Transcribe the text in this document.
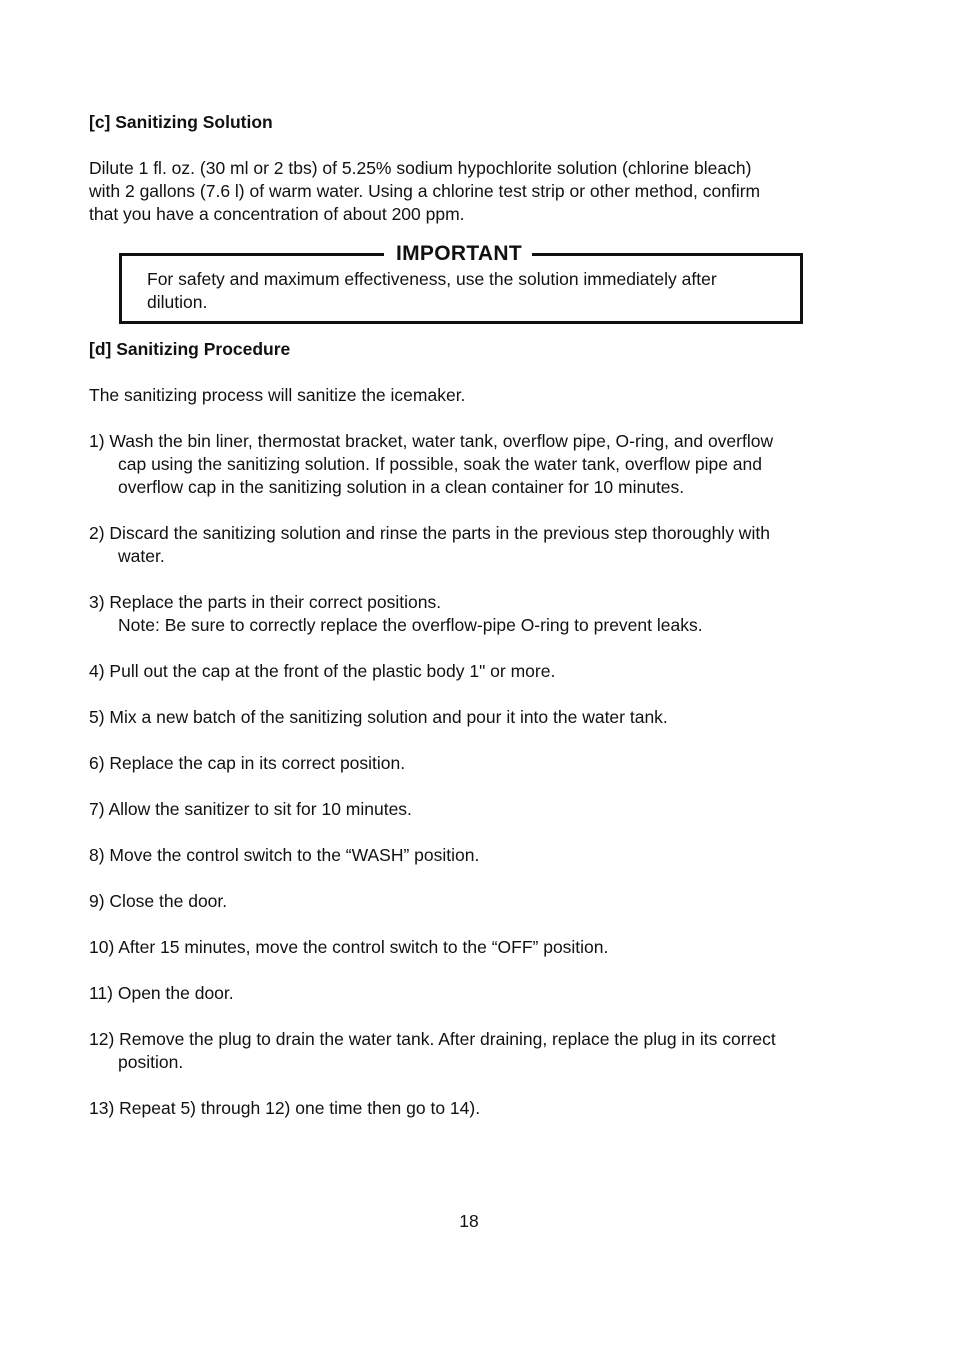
[c] Sanitizing Solution

Dilute 1 fl. oz. (30 ml or 2 tbs) of 5.25% sodium hypochlorite solution (chlorine bleach)

with 2 gallons (7.6 l) of warm water. Using a chlorine test strip or other method, confirm

that you have a concentration of about 200 ppm.

IMPORTANT

For safety and maximum effectiveness, use the solution immediately after

dilution.

[d] Sanitizing Procedure

The sanitizing process will sanitize the icemaker.

1) Wash the bin liner, thermostat bracket, water tank, overflow pipe, O-ring, and overflow
cap using the sanitizing solution. If possible, soak the water tank, overflow pipe and
overflow cap in the sanitizing solution in a clean container for 10 minutes.
2) Discard the sanitizing solution and rinse the parts in the previous step thoroughly with
water.
3) Replace the parts in their correct positions.
Note: Be sure to correctly replace the overflow-pipe O-ring to prevent leaks.
4) Pull out the cap at the front of the plastic body 1" or more.
5) Mix a new batch of the sanitizing solution and pour it into the water tank.
6) Replace the cap in its correct position.
7) Allow the sanitizer to sit for 10 minutes.
8) Move the control switch to the “WASH” position.
9) Close the door.
10) After 15 minutes, move the control switch to the “OFF” position.
11) Open the door.
12) Remove the plug to drain the water tank. After draining, replace the plug in its correct
position.
13) Repeat 5) through 12) one time then go to 14).
18
